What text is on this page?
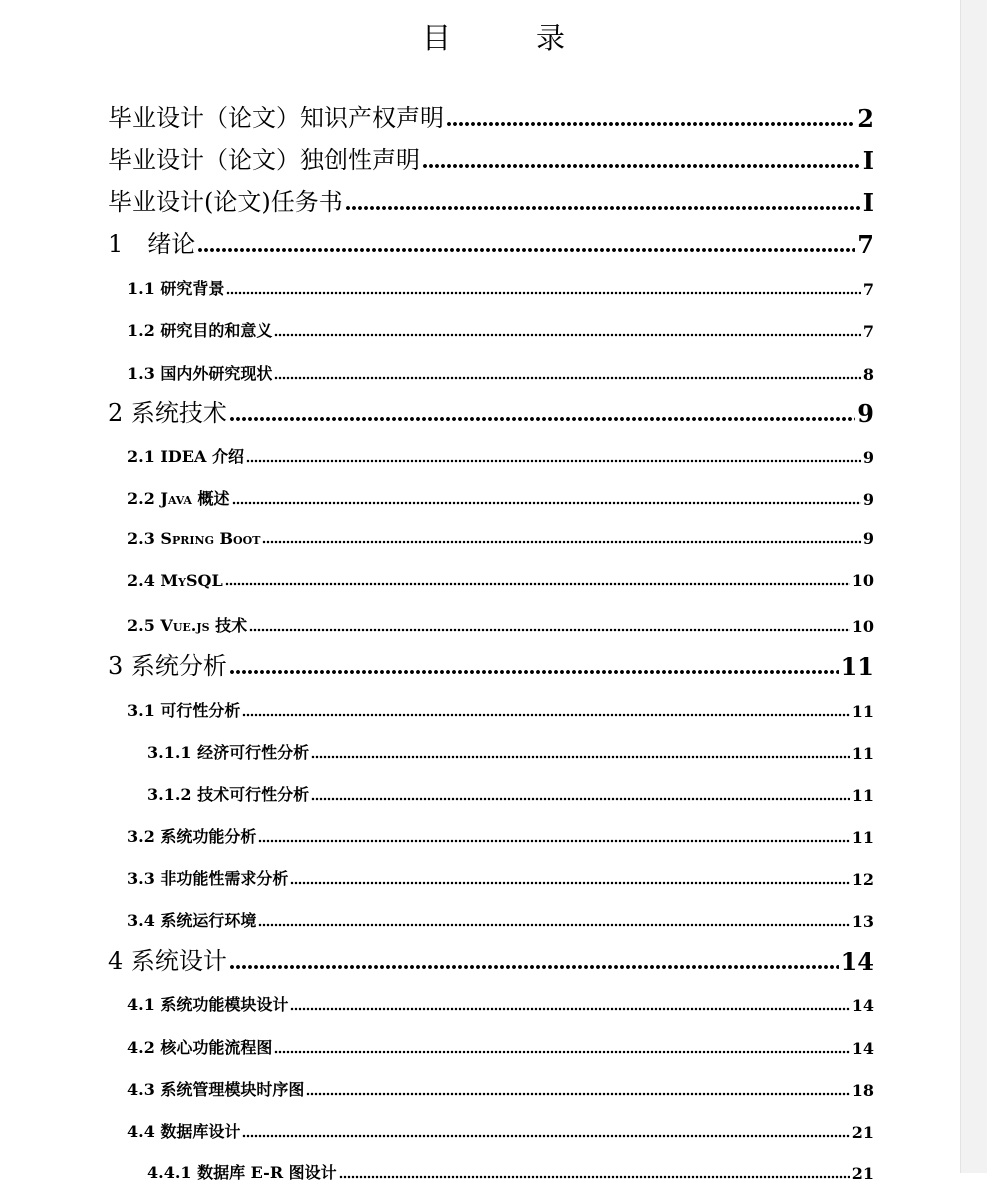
目　录
毕业设计（论文）知识产权声明	2
毕业设计（论文）独创性声明	I
毕业设计(论文)任务书	I
1　绪论	7
1.1 研究背景	7
1.2 研究目的和意义	7
1.3 国内外研究现状	8
2 系统技术	9
2.1 IDEA 介绍	9
2.2 Java 概述	9
2.3 Spring Boot	9
2.4 MySQL	10
2.5 Vue.js 技术	10
3 系统分析	11
3.1 可行性分析	11
3.1.1 经济可行性分析	11
3.1.2 技术可行性分析	11
3.2 系统功能分析	11
3.3 非功能性需求分析	12
3.4 系统运行环境	13
4 系统设计	14
4.1 系统功能模块设计	14
4.2 核心功能流程图	14
4.3 系统管理模块时序图	18
4.4 数据库设计	21
4.4.1 数据库 E-R 图设计	21
